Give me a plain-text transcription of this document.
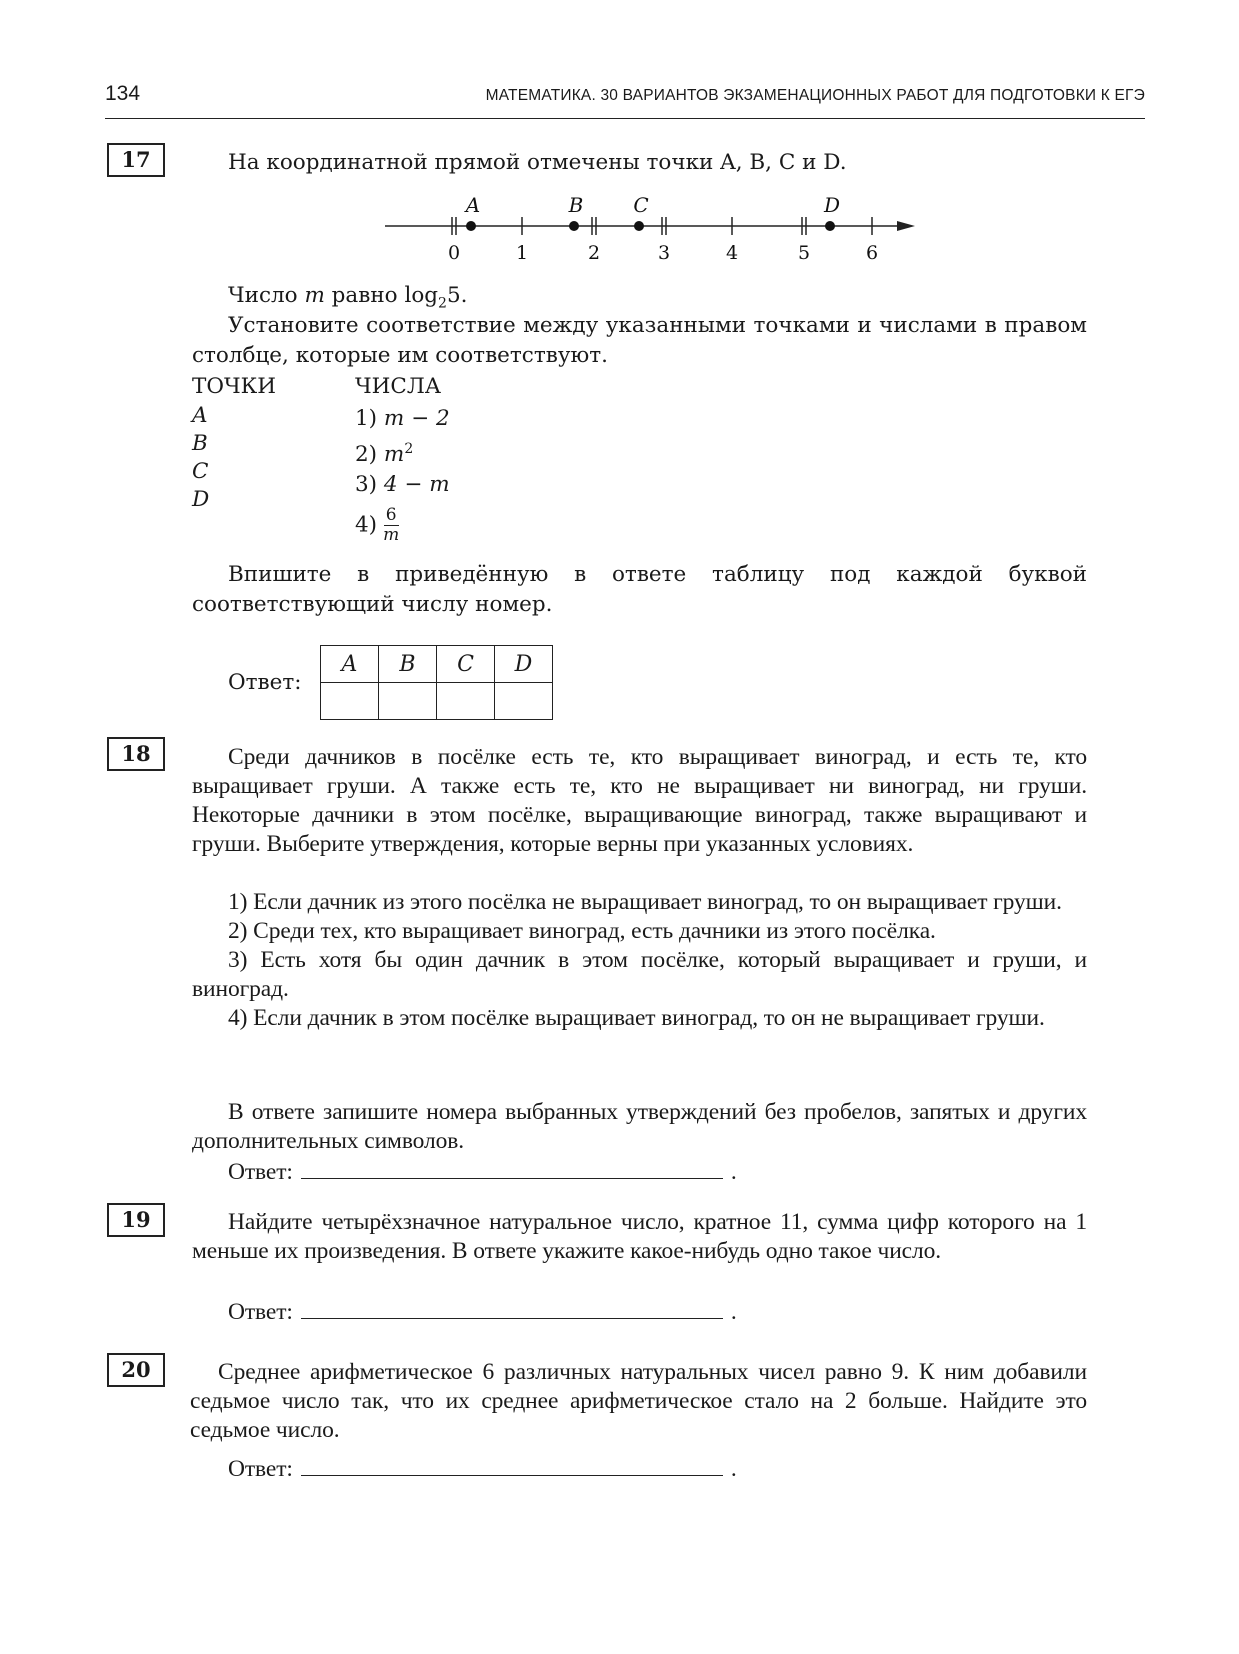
134	МАТЕМАТИКА. 30 ВАРИАНТОВ ЭКЗАМЕНАЦИОННЫХ РАБОТ ДЛЯ ПОДГОТОВКИ К ЕГЭ
17	На координатной прямой отмечены точки A, B, C и D.
A	B C	D
0	1	2	3	4	5	6
Число m равно $\log_25$.
Установите соответствие между указанными точками и числами в правом столбце, которые им соответствуют.
ТОЧКИ	ЧИСЛА
A
B
C
D
1) m − 2
2) $m^2$
3) 4 − m
$4) \frac{6}{m}$
Впишите в приведённую в ответе таблицу под каждой буквой соответствующий числу номер.
Ответ:
A	B	C	D

18	Среди дачников в посёлке есть те, кто выращивает виноград, и есть те, кто выращивает груши. А также есть те, кто не выращивает ни виноград, ни груши. Некоторые дачники в этом посёлке, выращивающие виноград, также выращивают и груши. Выберите утверждения, которые верны при указанных условиях.
1) Если дачник из этого посёлка не выращивает виноград, то он выращивает груши.
2) Среди тех, кто выращивает виноград, есть дачники из этого посёлка.
3) Есть хотя бы один дачник в этом посёлке, который выращивает и груши, и виноград.
4) Если дачник в этом посёлке выращивает виноград, то он не выращивает груши.
В ответе запишите номера выбранных утверждений без пробелов, запятых и других дополнительных символов.
Ответ:	.
19	Найдите четырёхзначное натуральное число, кратное 11, сумма цифр которого на 1 меньше их произведения. В ответе укажите какое-нибудь одно такое число.
Ответ:	.
20	Среднее арифметическое 6 различных натуральных чисел равно 9. К ним добавили седьмое число так, что их среднее арифметическое стало на 2 больше. Найдите это седьмое число.
Ответ:	.
